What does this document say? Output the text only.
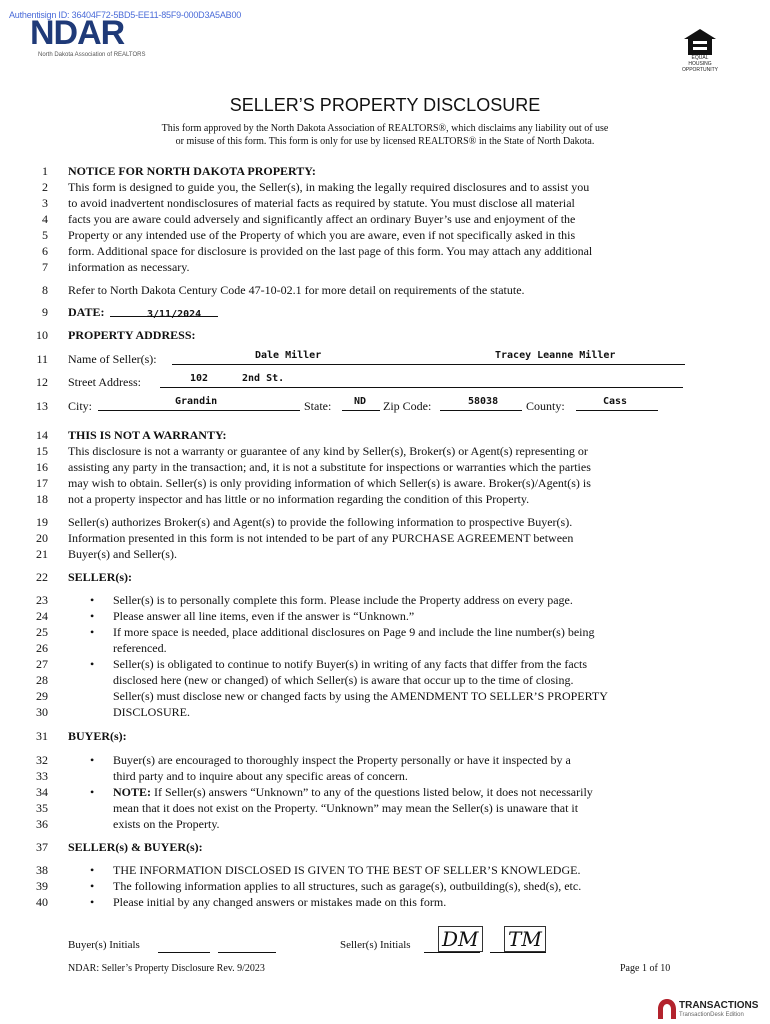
Authentisign ID: 36404F72-5BD5-EE11-85F9-000D3A5AB00
NDAR
North Dakota Association of REALTORS	EQUAL HOUSING OPPORTUNITY
SELLER’S PROPERTY DISCLOSURE
This form approved by the North Dakota Association of REALTORS®, which disclaims any liability out of use
or misuse of this form. This form is only for use by licensed REALTORS® in the State of North Dakota.
1
2
3
4
5
6
7
8
9
10
11
12
13
14
15
16
17
18
19
20
21
22
23
24
25
26
27
28
29
30
31
32
33
34
35
36
37
38
39
40
NOTICE FOR NORTH DAKOTA PROPERTY:
This form is designed to guide you, the Seller(s), in making the legally required disclosures and to assist you
to avoid inadvertent nondisclosures of material facts as required by statute. You must disclose all material
facts you are aware could adversely and significantly affect an ordinary Buyer’s use and enjoyment of the
Property or any intended use of the Property of which you are aware, even if not specifically asked in this
form. Additional space for disclosure is provided on the last page of this form. You may attach any additional
information as necessary.
Refer to North Dakota Century Code 47-10-02.1 for more detail on requirements of the statute.
DATE:	3/11/2024
PROPERTY ADDRESS:
Name of Seller(s):	Dale Miller	Tracey Leanne Miller
Street Address:	102	2nd St.
City:	Grandin	State: ND Zip Code:	58038 County:	Cass
THIS IS NOT A WARRANTY:
This disclosure is not a warranty or guarantee of any kind by Seller(s), Broker(s) or Agent(s) representing or
assisting any party in the transaction; and, it is not a substitute for inspections or warranties which the parties
may wish to obtain. Seller(s) is only providing information of which Seller(s) is aware. Broker(s)/Agent(s) is
not a property inspector and has little or no information regarding the condition of this Property.
Seller(s) authorizes Broker(s) and Agent(s) to provide the following information to prospective Buyer(s).
Information presented in this form is not intended to be part of any PURCHASE AGREEMENT between
Buyer(s) and Seller(s).
SELLER(s):
• Seller(s) is to personally complete this form. Please include the Property address on every page.
• Please answer all line items, even if the answer is “Unknown.”
• If more space is needed, place additional disclosures on Page 9 and include the line number(s) being
referenced.
• Seller(s) is obligated to continue to notify Buyer(s) in writing of any facts that differ from the facts
disclosed here (new or changed) of which Seller(s) is aware that occur up to the time of closing.
Seller(s) must disclose new or changed facts by using the AMENDMENT TO SELLER’S PROPERTY
DISCLOSURE.
BUYER(s):
• Buyer(s) are encouraged to thoroughly inspect the Property personally or have it inspected by a
third party and to inquire about any specific areas of concern.
• NOTE: If Seller(s) answers “Unknown” to any of the questions listed below, it does not necessarily
mean that it does not exist on the Property. “Unknown” may mean the Seller(s) is unaware that it
exists on the Property.
SELLER(s) & BUYER(s):
• THE INFORMATION DISCLOSED IS GIVEN TO THE BEST OF SELLER’S KNOWLEDGE.
• The following information applies to all structures, such as garage(s), outbuilding(s), shed(s), etc.
• Please initial by any changed answers or mistakes made on this form.
Buyer(s) Initials	Seller(s) Initials DM TM
NDAR: Seller’s Property Disclosure Rev. 9/2023	Page 1 of 10
TRANSACTIONS
TransactionDesk Edition
